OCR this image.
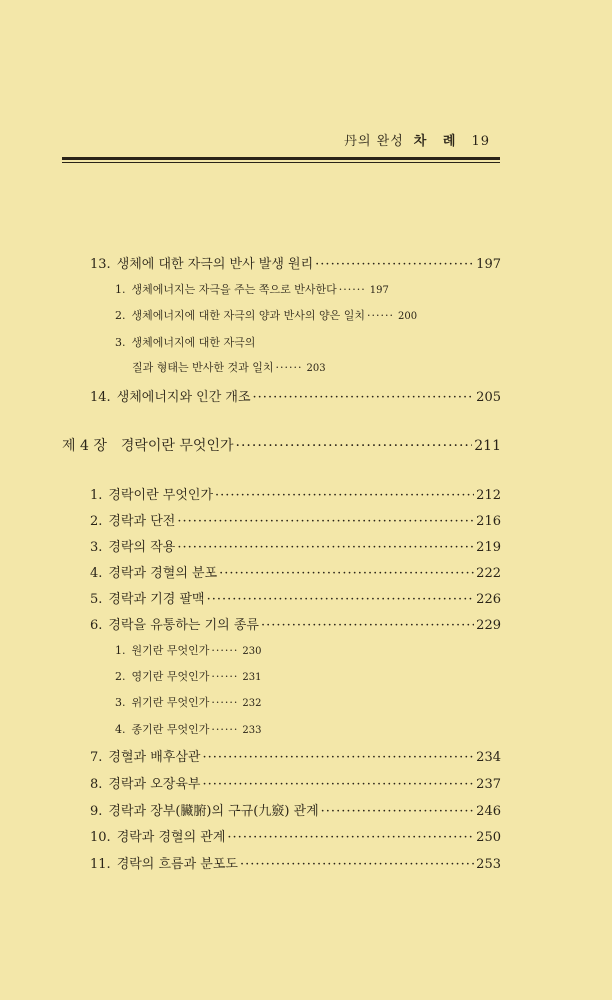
丹의 완성 차 례 19
13. 생체에 대한 자극의 반사 발생 원리 ·····	197
1. 생체에너지는 자극을 주는 쪽으로 반사한다 ······	197
2. 생체에너지에 대한 자극의 양과 반사의 양은 일치 ······	200
3. 생체에너지에 대한 자극의
질과 형태는 반사한 것과 일치 ······	203
14. 생체에너지와 인간 개조 ·····	205
제 4 장 경락이란 무엇인가 ·····	211
1. 경락이란 무엇인가 ·····	212
2. 경락과 단전 ·····	216
3. 경락의 작용 ·····	219
4. 경락과 경혈의 분포 ·····	222
5. 경락과 기경 팔맥 ·····	226
6. 경락을 유통하는 기의 종류 ·····	229
1. 원기란 무엇인가 ······	230
2. 영기란 무엇인가 ······	231
3. 위기란 무엇인가 ······	232
4. 종기란 무엇인가 ······	233
7. 경혈과 배후삼관 ·····	234
8. 경락과 오장육부 ·····	237
9. 경락과 장부(臟腑)의 구규(九竅) 관계 ·····	246
10. 경락과 경혈의 관계 ·····	250
11. 경락의 흐름과 분포도 ·····	253
